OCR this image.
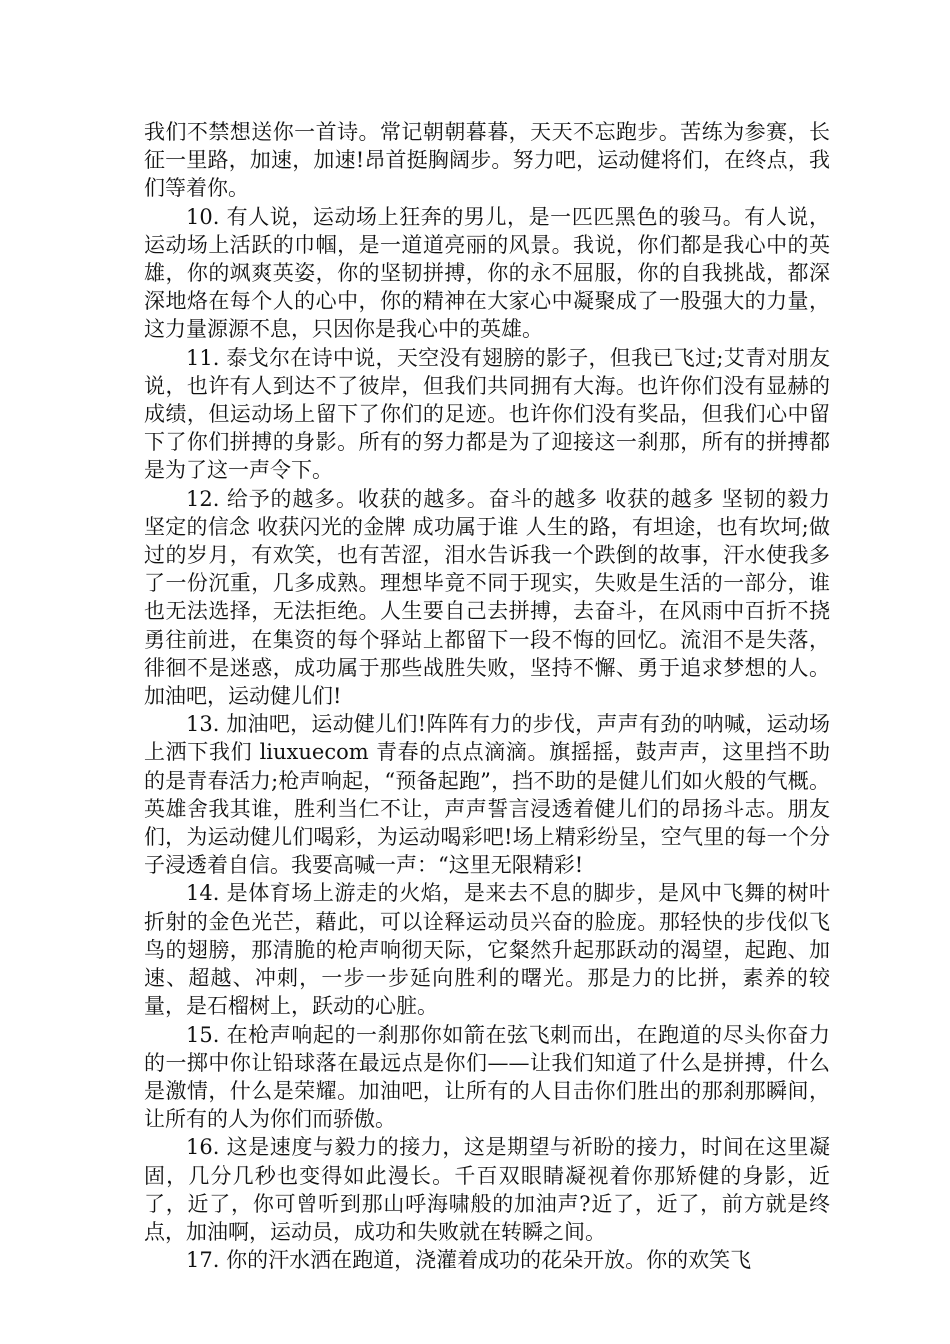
我们不禁想送你一首诗。常记朝朝暮暮，天天不忘跑步。苦练为参赛，长征一里路，加速，加速!昂首挺胸阔步。努力吧，运动健将们，在终点，我们等着你。

10. 有人说，运动场上狂奔的男儿，是一匹匹黑色的骏马。有人说，运动场上活跃的巾帼，是一道道亮丽的风景。我说，你们都是我心中的英雄，你的飒爽英姿，你的坚韧拼搏，你的永不屈服，你的自我挑战，都深深地烙在每个人的心中，你的精神在大家心中凝聚成了一股强大的力量，这力量源源不息，只因你是我心中的英雄。

11. 泰戈尔在诗中说，天空没有翅膀的影子，但我已飞过;艾青对朋友说，也许有人到达不了彼岸，但我们共同拥有大海。也许你们没有显赫的成绩，但运动场上留下了你们的足迹。也许你们没有奖品，但我们心中留下了你们拼搏的身影。所有的努力都是为了迎接这一刹那，所有的拼搏都是为了这一声令下。

12. 给予的越多。收获的越多。奋斗的越多 收获的越多 坚韧的毅力 坚定的信念 收获闪光的金牌 成功属于谁 人生的路，有坦途，也有坎坷;做过的岁月，有欢笑，也有苦涩，泪水告诉我一个跌倒的故事，汗水使我多了一份沉重，几多成熟。理想毕竟不同于现实，失败是生活的一部分，谁也无法选择，无法拒绝。人生要自己去拼搏，去奋斗，在风雨中百折不挠勇往前进，在集资的每个驿站上都留下一段不悔的回忆。流泪不是失落，徘徊不是迷惑，成功属于那些战胜失败，坚持不懈、勇于追求梦想的人。加油吧，运动健儿们!

13. 加油吧，运动健儿们!阵阵有力的步伐，声声有劲的呐喊，运动场上洒下我们 liuxuecom 青春的点点滴滴。旗摇摇，鼓声声，这里挡不助的是青春活力;枪声响起，“预备起跑”，挡不助的是健儿们如火般的气概。英雄舍我其谁，胜利当仁不让，声声誓言浸透着健儿们的昂扬斗志。朋友们，为运动健儿们喝彩，为运动喝彩吧!场上精彩纷呈，空气里的每一个分子浸透着自信。我要高喊一声：“这里无限精彩!

14. 是体育场上游走的火焰，是来去不息的脚步，是风中飞舞的树叶折射的金色光芒，藉此，可以诠释运动员兴奋的脸庞。那轻快的步伐似飞鸟的翅膀，那清脆的枪声响彻天际，它粲然升起那跃动的渴望，起跑、加速、超越、冲刺，一步一步延向胜利的曙光。那是力的比拼，素养的较量，是石榴树上，跃动的心脏。

15. 在枪声响起的一刹那你如箭在弦飞刺而出，在跑道的尽头你奋力的一掷中你让铅球落在最远点是你们——让我们知道了什么是拼搏，什么是激情，什么是荣耀。加油吧，让所有的人目击你们胜出的那刹那瞬间，让所有的人为你们而骄傲。

16. 这是速度与毅力的接力，这是期望与祈盼的接力，时间在这里凝固，几分几秒也变得如此漫长。千百双眼睛凝视着你那矫健的身影，近了，近了，你可曾听到那山呼海啸般的加油声?近了，近了，前方就是终点，加油啊，运动员，成功和失败就在转瞬之间。

17. 你的汗水洒在跑道，浇灌着成功的花朵开放。你的欢笑飞
